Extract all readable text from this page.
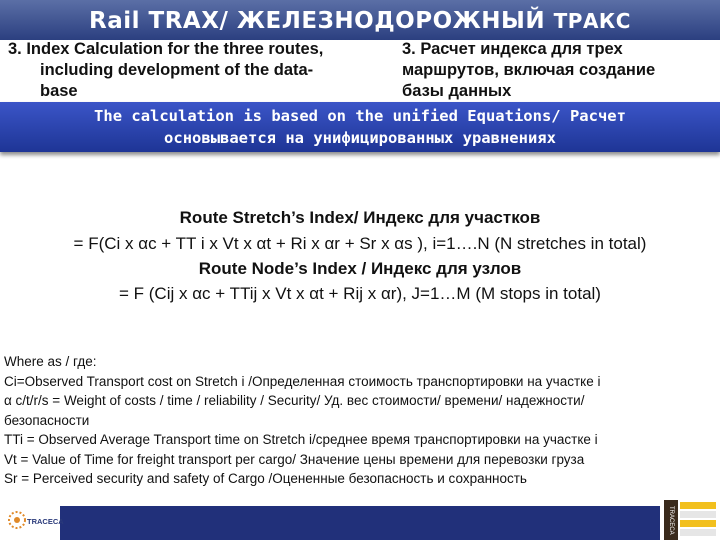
Rail TRAX/ ЖЕЛЕЗНОДОРОЖНЫЙ ТРАКС
3. Index Calculation for the three routes,
including development of the data-
base
3. Расчет индекса для трех
маршрутов, включая создание
базы данных
The calculation is based on the unified Equations/ Расчет
основывается на унифицированных уравнениях
Route Stretch’s Index/ Индекс для участков
= F(Ci x αc + TT i x Vt x αt + Ri x αr + Sr x αs ), i=1….N (N stretches in total)
Route Node’s Index / Индекс для узлов
= F (Cij x αc + TTij x Vt x αt + Rij x αr), J=1…M (M stops in total)
Where as / где:
Ci=Observed Transport cost on Stretch i /Определенная стоимость транспортировки на участке i
α c/t/r/s = Weight of costs / time / reliability / Security/ Уд. вес стоимости/ времени/ надежности/
безопасности
TTi = Observed Average Transport time on Stretch i/среднее время транспортировки на участке i
Vt = Value of Time for freight transport per cargo/ Значение цены времени для перевозки груза
Sr = Perceived security and safety of Cargo /Оцененные безопасность и сохранность
TRACECA	TRACECA
